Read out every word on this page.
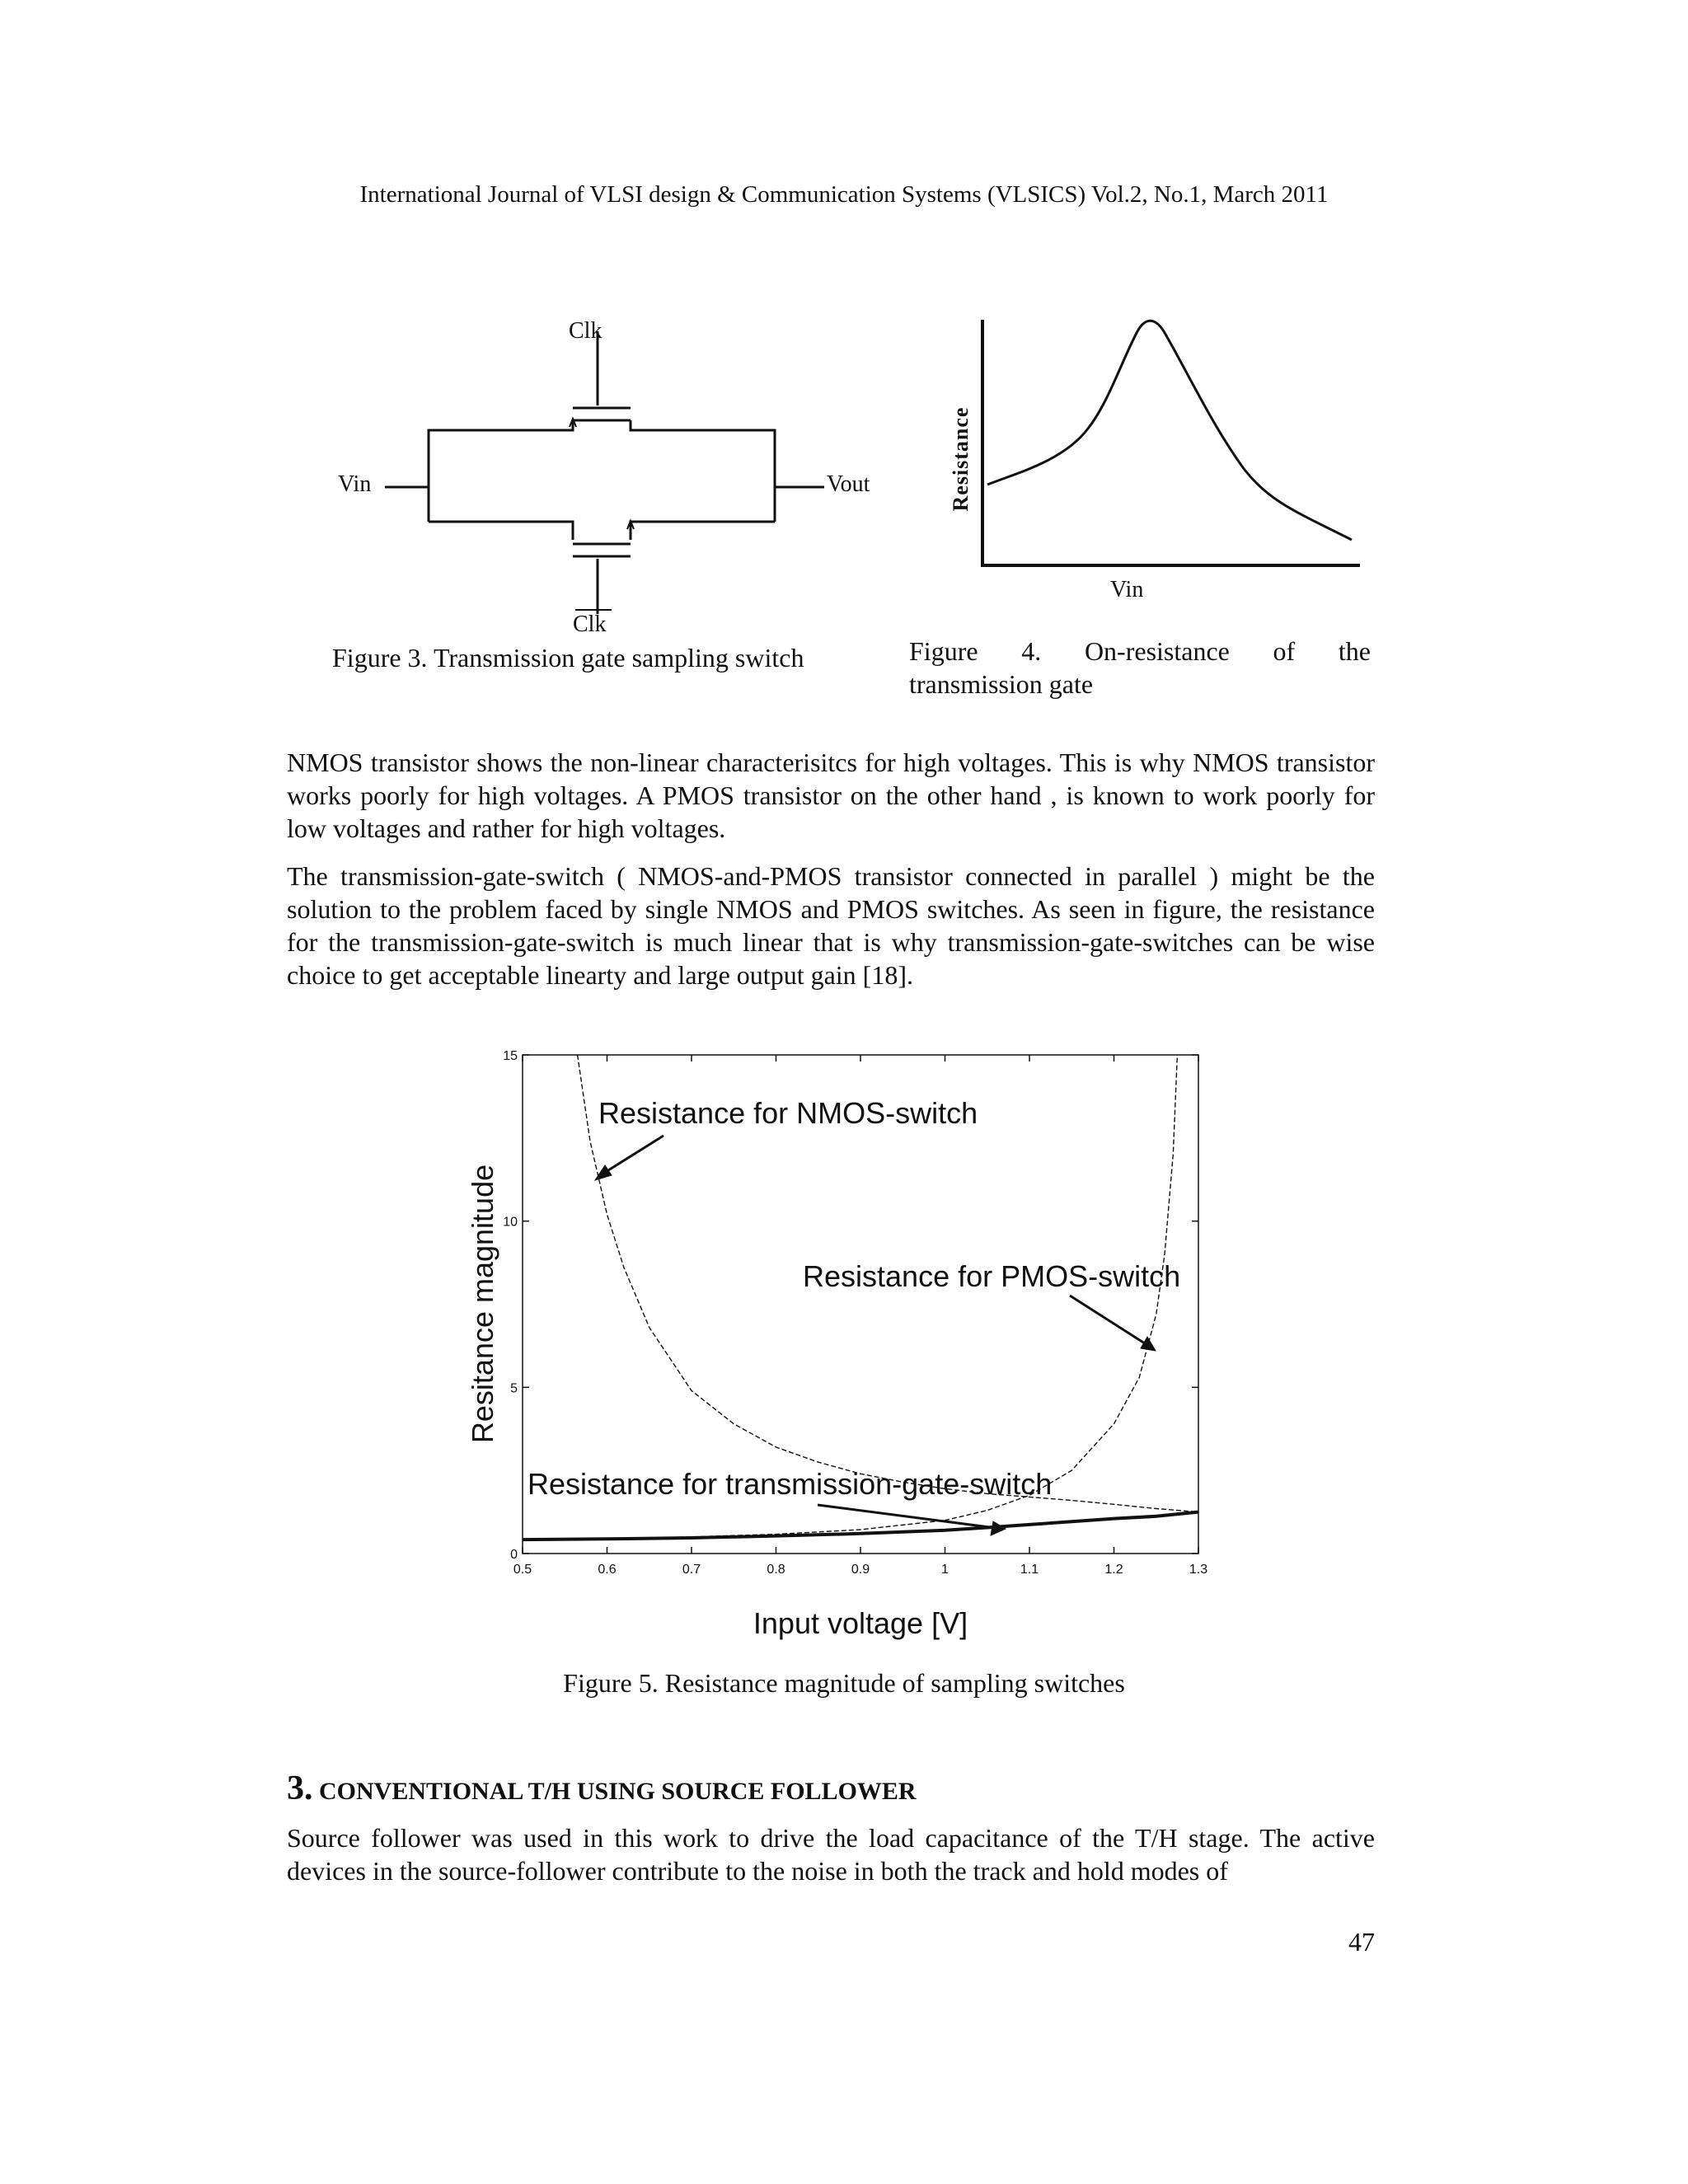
International Journal of VLSI design & Communication Systems (VLSICS) Vol.2, No.1, March 2011
Clk
Vin	Vout
Clk
Figure 3. Transmission gate sampling switch
Resistance
Vin
Figure 4. On-resistance of the
transmission gate

NMOS transistor shows the non-linear characterisitcs for high voltages. This is why NMOS transistor works poorly for high voltages. A PMOS transistor on the other hand , is known to work poorly for low voltages and rather for high voltages.

The transmission-gate-switch ( NMOS-and-PMOS transistor connected in parallel ) might be the solution to the problem faced by single NMOS and PMOS switches. As seen in figure, the resistance for the transmission-gate-switch is much linear that is why transmission-gate-switches can be wise choice to get acceptable linearty and large output gain [18].

0.5	0.6	0.7	0.8	0.9	1	1.1	1.2	1.3
0
5
10
15
Resistance for NMOS-switch
Resistance for PMOS-switch
Resistance for transmission-gate-switch
Input voltage [V]
Resitance magnitude
Figure 5. Resistance magnitude of sampling switches
3. CONVENTIONAL T/H USING SOURCE FOLLOWER

Source follower was used in this work to drive the load capacitance of the T/H stage. The active devices in the source-follower contribute to the noise in both the track and hold modes of

47
